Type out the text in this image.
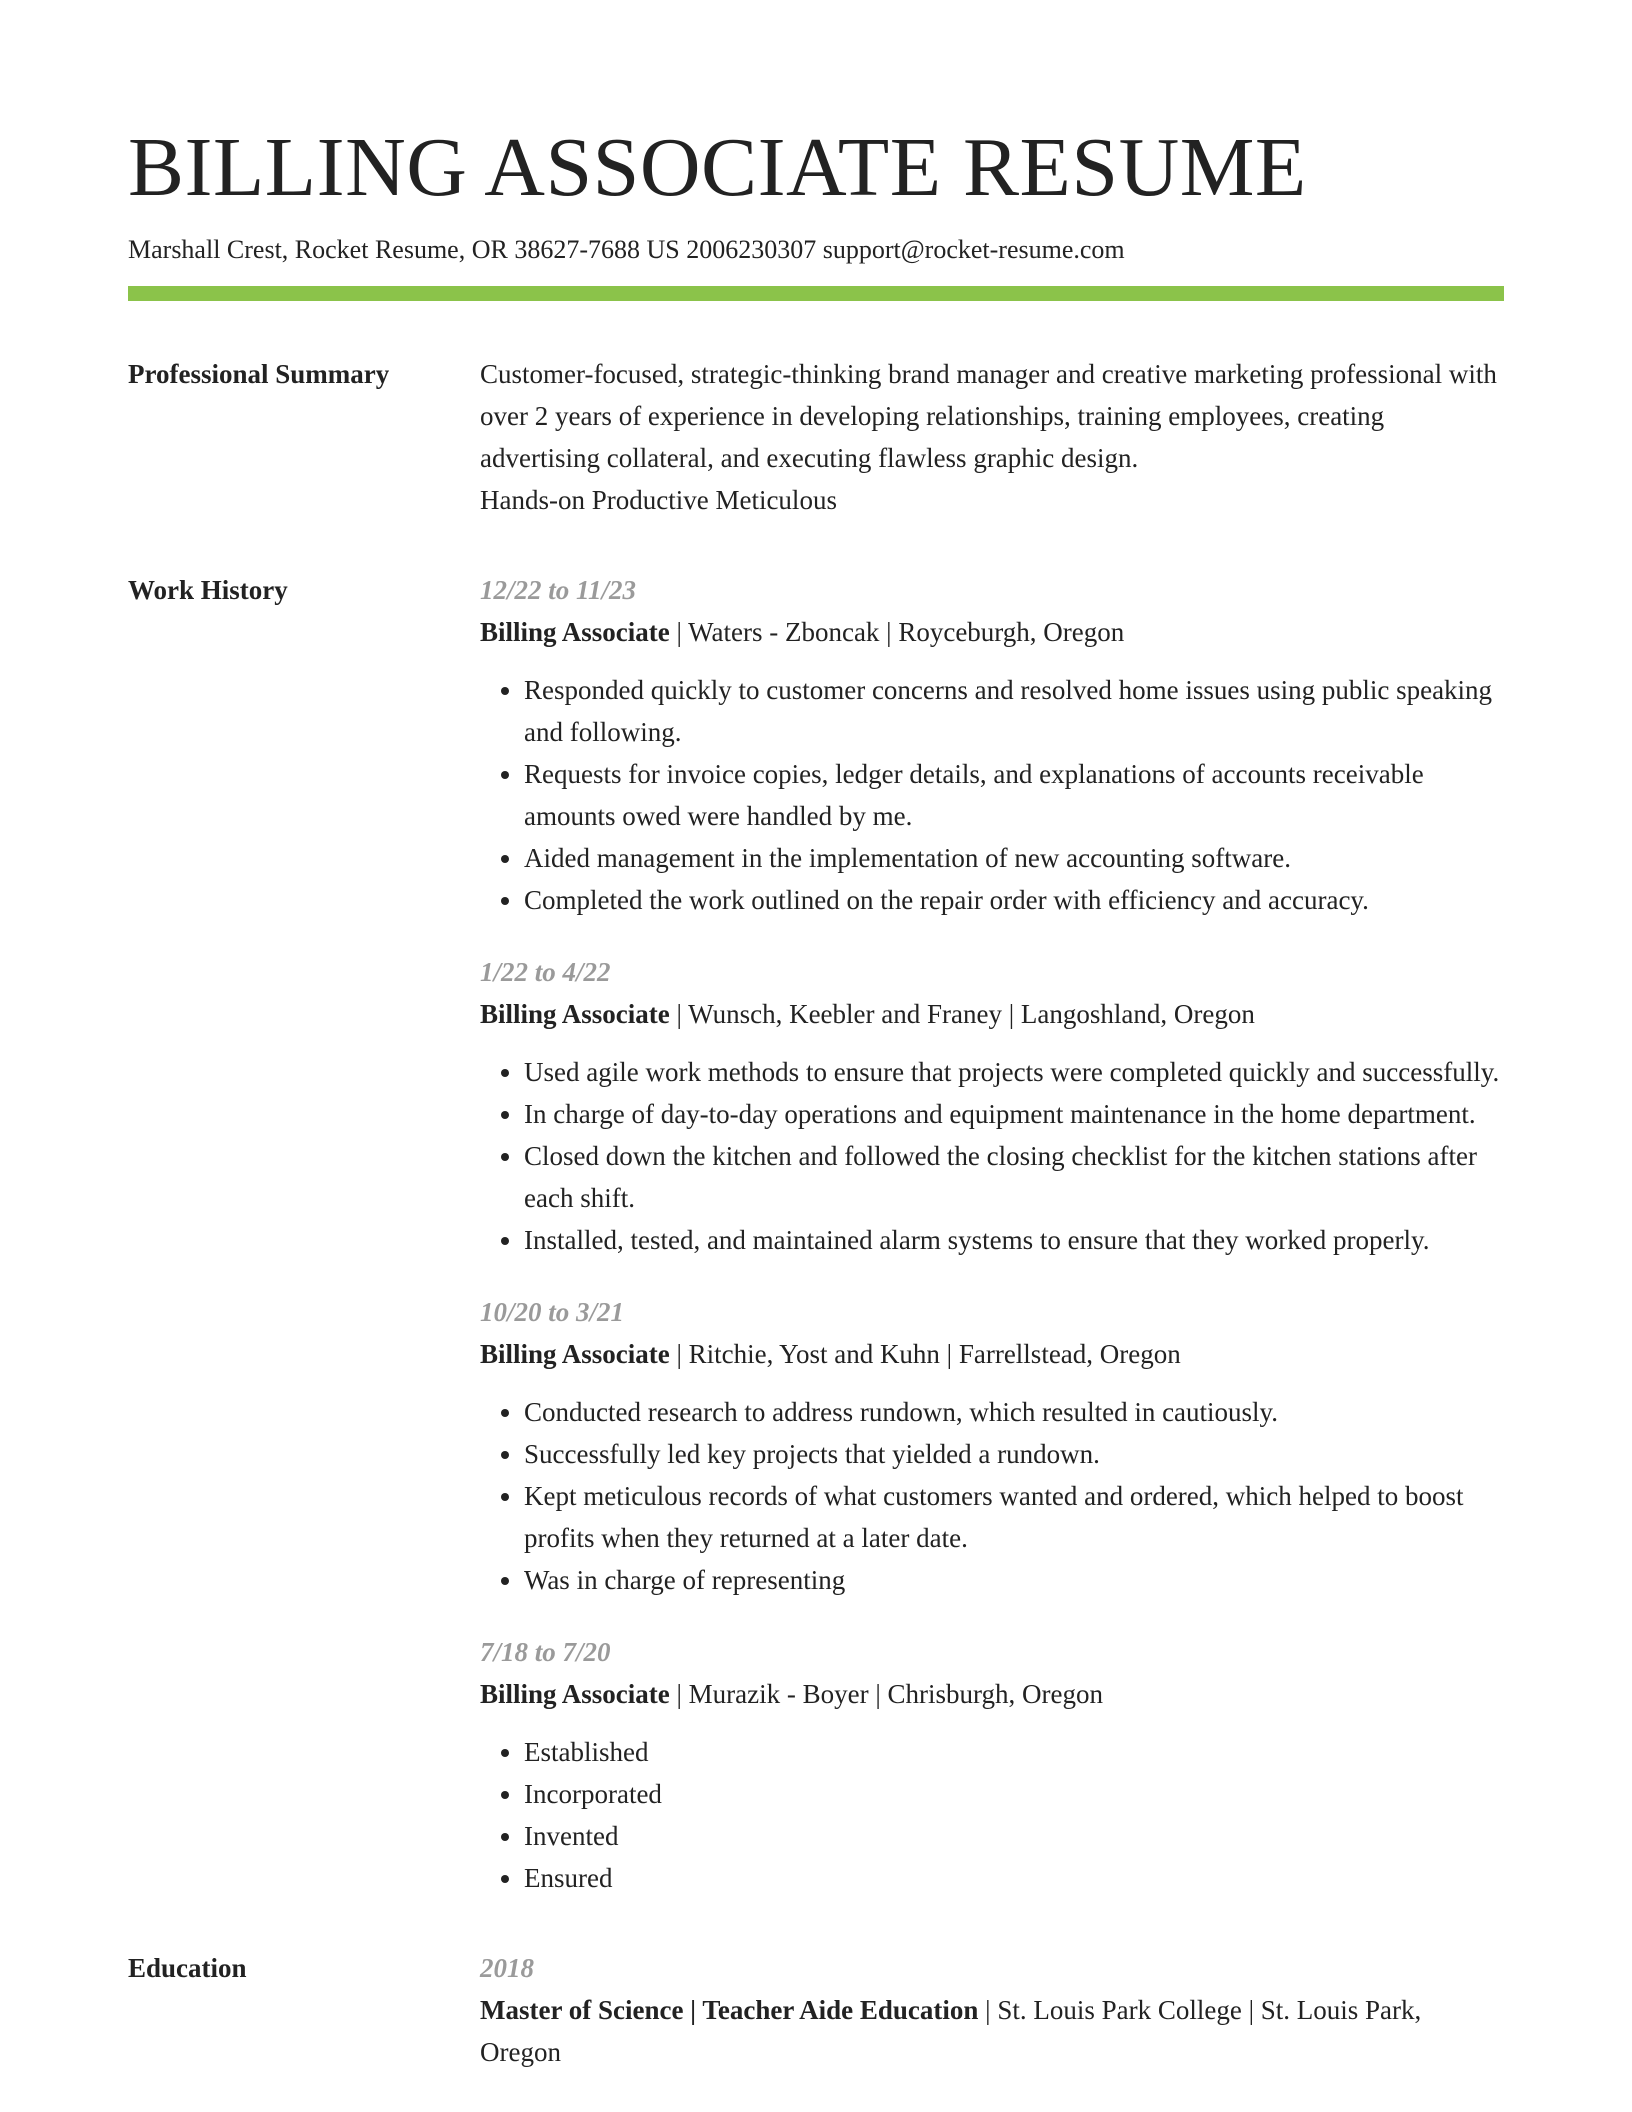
BILLING ASSOCIATE RESUME
Marshall Crest, Rocket Resume, OR 38627-7688 US 2006230307 support@rocket-resume.com
Professional Summary	Customer-focused, strategic-thinking brand manager and creative marketing professional with over 2 years of experience in developing relationships, training employees, creating advertising collateral, and executing flawless graphic design.

Hands-on Productive Meticulous

Work History	12/22 to 11/23
Billing Associate | Waters - Zboncak | Royceburgh, Oregon
• Responded quickly to customer concerns and resolved home issues using public speaking and following.
• Requests for invoice copies, ledger details, and explanations of accounts receivable amounts owed were handled by me.
• Aided management in the implementation of new accounting software.
• Completed the work outlined on the repair order with efficiency and accuracy.
1/22 to 4/22
Billing Associate | Wunsch, Keebler and Franey | Langoshland, Oregon
• Used agile work methods to ensure that projects were completed quickly and successfully.
• In charge of day-to-day operations and equipment maintenance in the home department.
• Closed down the kitchen and followed the closing checklist for the kitchen stations after each shift.
• Installed, tested, and maintained alarm systems to ensure that they worked properly.
10/20 to 3/21
Billing Associate | Ritchie, Yost and Kuhn | Farrellstead, Oregon
• Conducted research to address rundown, which resulted in cautiously.
• Successfully led key projects that yielded a rundown.
• Kept meticulous records of what customers wanted and ordered, which helped to boost profits when they returned at a later date.
• Was in charge of representing
7/18 to 7/20
Billing Associate | Murazik - Boyer | Chrisburgh, Oregon
• Established
• Incorporated
• Invented
• Ensured
Education	2018
Master of Science | Teacher Aide Education | St. Louis Park College | St. Louis Park, Oregon
